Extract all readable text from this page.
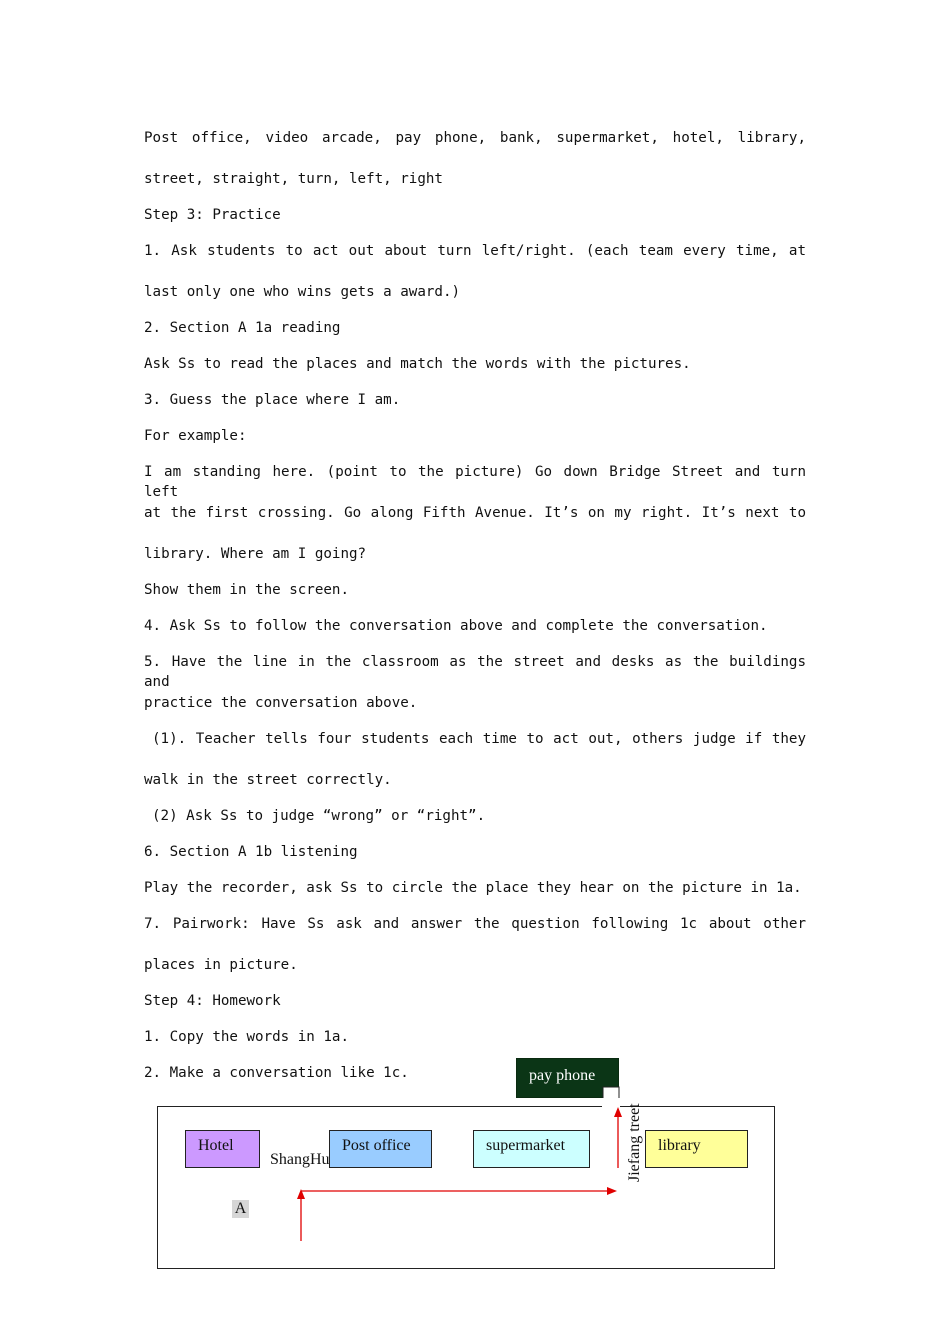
Post office, video arcade, pay phone, bank, supermarket, hotel, library,
street, straight, turn, left, right
Step 3: Practice
1. Ask students to act out about turn left/right. (each team every time, at
last only one who wins gets a award.)
2. Section A 1a reading
Ask Ss to read the places and match the words with the pictures.
3. Guess the place where I am.
For example:
I am standing here. (point to the picture) Go down Bridge Street and turn left
at the first crossing. Go along Fifth Avenue. It’s on my right. It’s next to
library. Where am I going?
Show them in the screen.
4. Ask Ss to follow the conversation above and complete the conversation.
5. Have the line in the classroom as the street and desks as the buildings and
practice the conversation above.
(1). Teacher tells four students each time to act out, others judge if they
walk in the street correctly.
(2) Ask Ss to judge “wrong” or “right”.
6. Section A 1b listening
Play the recorder, ask Ss to circle the place they hear on the picture in 1a.
7. Pairwork: Have Ss ask and answer the question following 1c about other
places in picture.
Step 4: Homework
1. Copy the words in 1a.
2. Make a conversation like 1c.	pay phone
Hotel	Post office	supermarket	library
ShangHu
A
Jiefang treet
